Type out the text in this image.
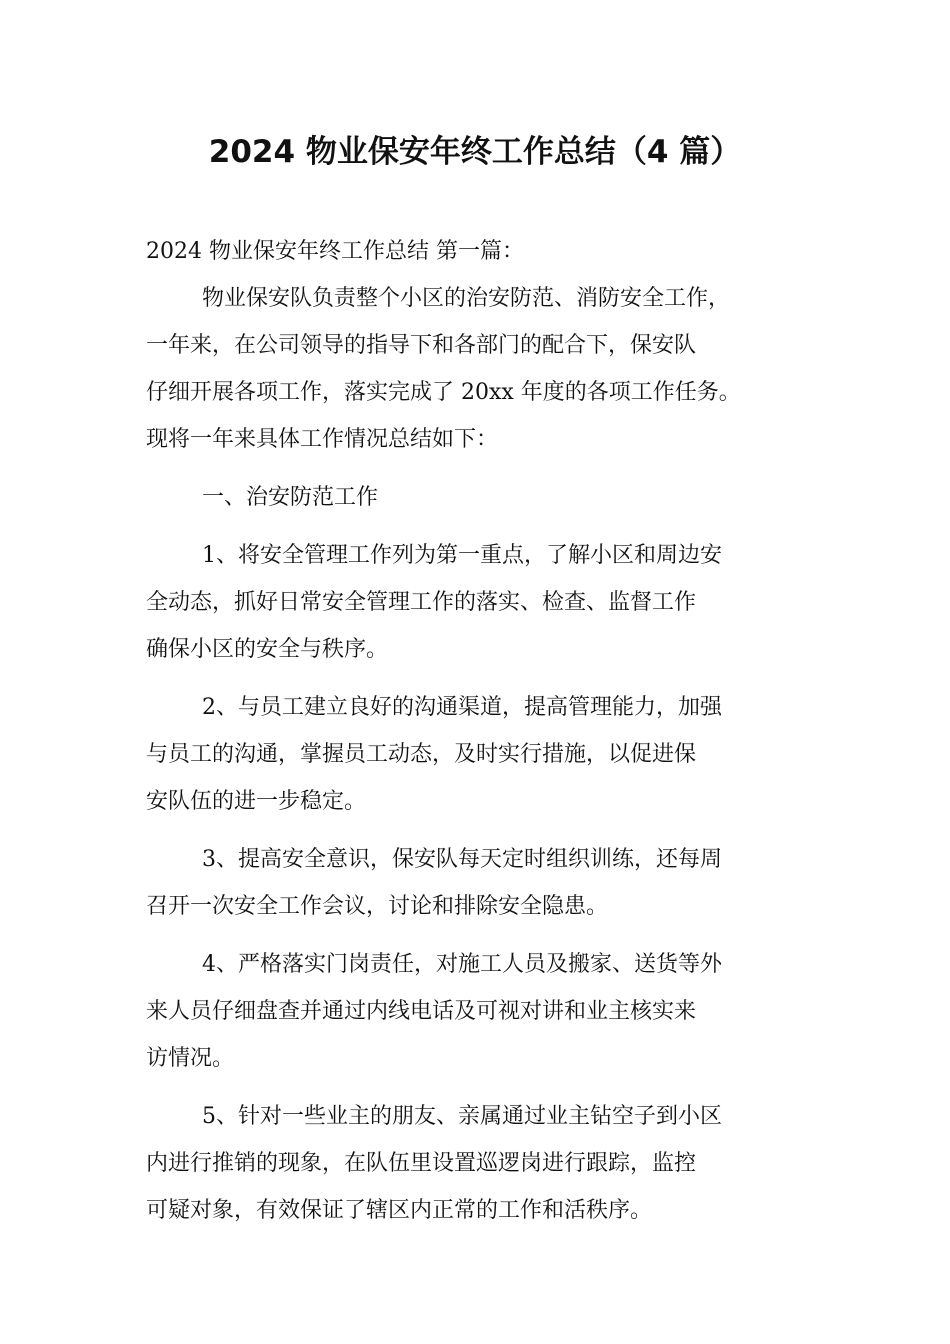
2024 物业保安年终工作总结（4 篇）
2024 物业保安年终工作总结 第一篇：
物业保安队负责整个小区的治安防范、消防安全工作，
一年来，在公司领导的指导下和各部门的配合下，保安队
仔细开展各项工作，落实完成了 20xx 年度的各项工作任务。
现将一年来具体工作情况总结如下：
一、治安防范工作
1、将安全管理工作列为第一重点，了解小区和周边安
全动态，抓好日常安全管理工作的落实、检查、监督工作
确保小区的安全与秩序。
2、与员工建立良好的沟通渠道，提高管理能力，加强
与员工的沟通，掌握员工动态，及时实行措施，以促进保
安队伍的进一步稳定。
3、提高安全意识，保安队每天定时组织训练，还每周
召开一次安全工作会议，讨论和排除安全隐患。
4、严格落实门岗责任，对施工人员及搬家、送货等外
来人员仔细盘查并通过内线电话及可视对讲和业主核实来
访情况。
5、针对一些业主的朋友、亲属通过业主钻空子到小区
内进行推销的现象，在队伍里设置巡逻岗进行跟踪，监控
可疑对象，有效保证了辖区内正常的工作和活秩序。
